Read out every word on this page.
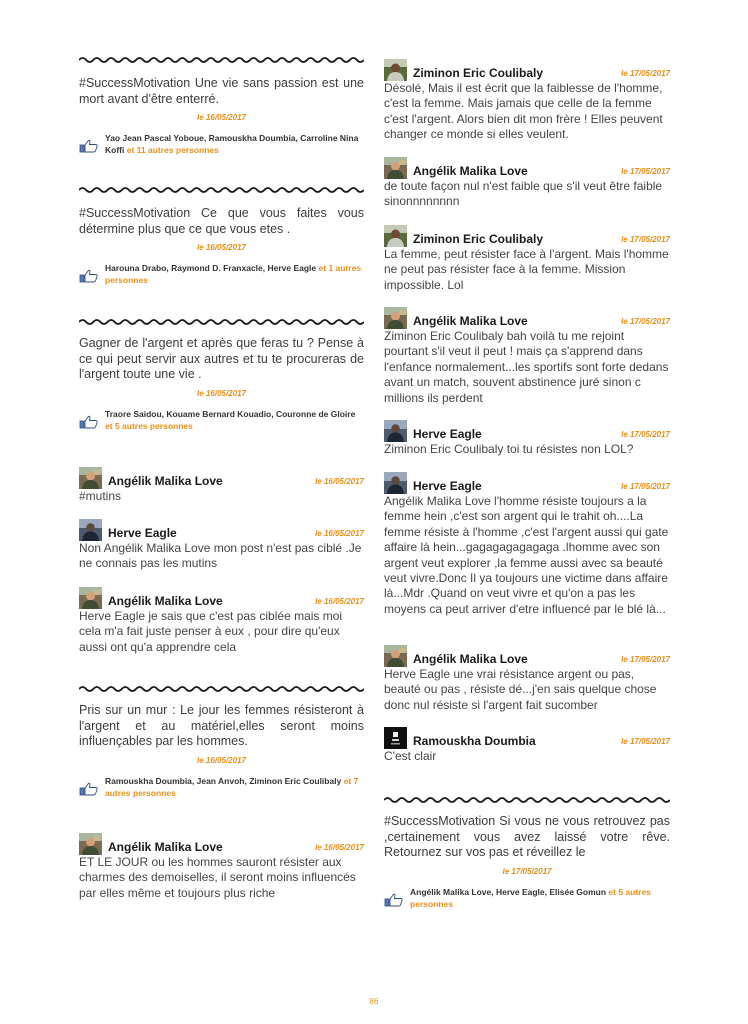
#SuccessMotivation Une vie sans passion est une mort avant d'être enterré.

le 16/05/2017
Yao Jean Pascal Yoboue, Ramouskha Doumbia, Carroline Nina Koffi et 11 autres personnes

#SuccessMotivation Ce que vous faites vous détermine plus que ce que vous etes .

le 16/05/2017
Harouna Drabo, Raymond D. Franxacle, Herve Eagle et 1 autres personnes

Gagner de l'argent et après que feras tu ? Pense à ce qui peut servir aux autres et tu te procureras de l'argent toute une vie .

le 16/05/2017
Traore Saidou, Kouame Bernard Kouadio, Couronne de Gloire et 5 autres personnes
Angélik Malika Love	le 16/05/2017

#mutins

Herve Eagle	le 16/05/2017

Non Angélik Malika Love mon post n'est pas ciblé .Je ne connais pas les mutins

Angélik Malika Love	le 16/05/2017

Herve Eagle je sais que c'est pas ciblée mais moi cela m'a fait juste penser à eux , pour dire qu'eux aussi ont qu'a apprendre cela

Pris sur un mur : Le jour les femmes résisteront à l'argent et au matériel,elles seront moins influençables par les hommes.

le 16/05/2017
Ramouskha Doumbia, Jean Anvoh, Ziminon Eric Coulibaly et 7 autres personnes
Angélik Malika Love	le 16/05/2017

ET LE JOUR ou les hommes sauront résister aux charmes des demoiselles, il seront moins influencés par elles même et toujours plus riche

Ziminon Eric Coulibaly	le 17/05/2017

Désolé, Mais il est écrit que la faiblesse de l'homme, c'est la femme. Mais jamais que celle de la femme c'est l'argent. Alors bien dit mon frère ! Elles peuvent changer ce monde si elles veulent.

Angélik Malika Love	le 17/05/2017

de toute façon nul n'est faible que s'il veut être faible sinonnnnnnnn

Ziminon Eric Coulibaly	le 17/05/2017

La femme, peut résister face à l'argent. Mais l'homme ne peut pas résister face à la femme. Mission impossible. Lol

Angélik Malika Love	le 17/05/2017

Ziminon Eric Coulibaly bah voilà tu me rejoint pourtant s'il veut il peut ! mais ça s'apprend dans l'enfance normalement...les sportifs sont forte dedans avant un match, souvent abstinence juré sinon c millions ils perdent

Herve Eagle	le 17/05/2017

Ziminon Eric Coulibaly toi tu résistes non LOL?

Herve Eagle	le 17/05/2017

Angélik Malika Love l'homme résiste toujours a la femme hein ,c'est son argent qui le trahit oh....La femme résiste à l'homme ,c'est l'argent aussi qui gate affaire là hein...gagagagagagaga .lhomme avec son argent veut explorer ,la femme aussi avec sa beauté veut vivre.Donc Il ya toujours une victime dans affaire là...Mdr .Quand on veut vivre et qu'on a pas les moyens ca peut arriver d'etre influencé par le blé là...

Angélik Malika Love	le 17/05/2017

Herve Eagle une vrai résistance argent ou pas, beauté ou pas , résiste dé...j'en sais quelque chose donc nul résiste si l'argent fait sucomber

Ramouskha Doumbia	le 17/05/2017

C'est clair

#SuccessMotivation Si vous ne vous retrouvez pas ,certainement vous avez laissé votre rêve. Retournez sur vos pas et réveillez le

le 17/05/2017
Angélik Malika Love, Herve Eagle, Elisée Gomun et 5 autres personnes
86
